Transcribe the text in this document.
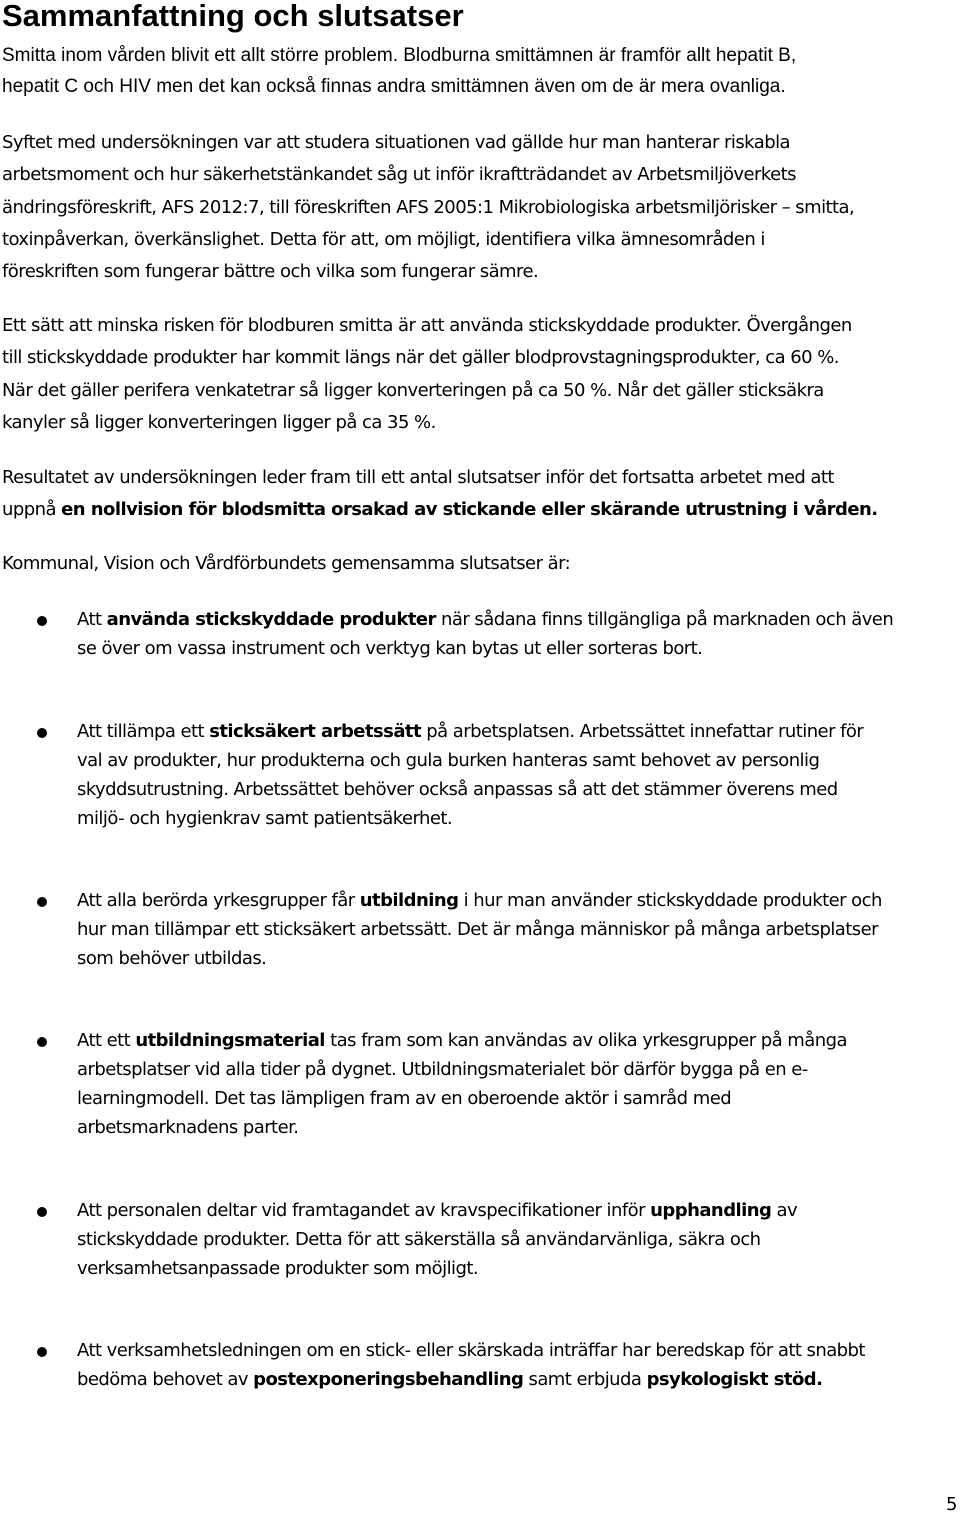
Sammanfattning och slutsatser

Smitta inom vården blivit ett allt större problem. Blodburna smittämnen är framför allt hepatit B,
hepatit C och HIV men det kan också finnas andra smittämnen även om de är mera ovanliga.

Syftet med undersökningen var att studera situationen vad gällde hur man hanterar riskabla
arbetsmoment och hur säkerhetstänkandet såg ut inför ikraftträdandet av Arbetsmiljöverkets
ändringsföreskrift, AFS 2012:7, till föreskriften AFS 2005:1 Mikrobiologiska arbetsmiljörisker – smitta,
toxinpåverkan, överkänslighet. Detta för att, om möjligt, identifiera vilka ämnesområden i
föreskriften som fungerar bättre och vilka som fungerar sämre.

Ett sätt att minska risken för blodburen smitta är att använda stickskyddade produkter. Övergången
till stickskyddade produkter har kommit längs när det gäller blodprovstagningsprodukter, ca 60 %.
När det gäller perifera venkatetrar så ligger konverteringen på ca 50 %. Når det gäller sticksäkra
kanyler så ligger konverteringen ligger på ca 35 %.

Resultatet av undersökningen leder fram till ett antal slutsatser inför det fortsatta arbetet med att
uppnå en nollvision för blodsmitta orsakad av stickande eller skärande utrustning i vården.

Kommunal, Vision och Vårdförbundets gemensamma slutsatser är:

Att använda stickskyddade produkter när sådana finns tillgängliga på marknaden och även
se över om vassa instrument och verktyg kan bytas ut eller sorteras bort.
Att tillämpa ett sticksäkert arbetssätt på arbetsplatsen. Arbetssättet innefattar rutiner för
val av produkter, hur produkterna och gula burken hanteras samt behovet av personlig
skyddsutrustning. Arbetssättet behöver också anpassas så att det stämmer överens med
miljö- och hygienkrav samt patientsäkerhet.
Att alla berörda yrkesgrupper får utbildning i hur man använder stickskyddade produkter och
hur man tillämpar ett sticksäkert arbetssätt. Det är många människor på många arbetsplatser
som behöver utbildas.
Att ett utbildningsmaterial tas fram som kan användas av olika yrkesgrupper på många
arbetsplatser vid alla tider på dygnet. Utbildningsmaterialet bör därför bygga på en e-
learningmodell. Det tas lämpligen fram av en oberoende aktör i samråd med
arbetsmarknadens parter.
Att personalen deltar vid framtagandet av kravspecifikationer inför upphandling av
stickskyddade produkter. Detta för att säkerställa så användarvänliga, säkra och
verksamhetsanpassade produkter som möjligt.
Att verksamhetsledningen om en stick- eller skärskada inträffar har beredskap för att snabbt
bedöma behovet av postexponeringsbehandling samt erbjuda psykologiskt stöd.
5
